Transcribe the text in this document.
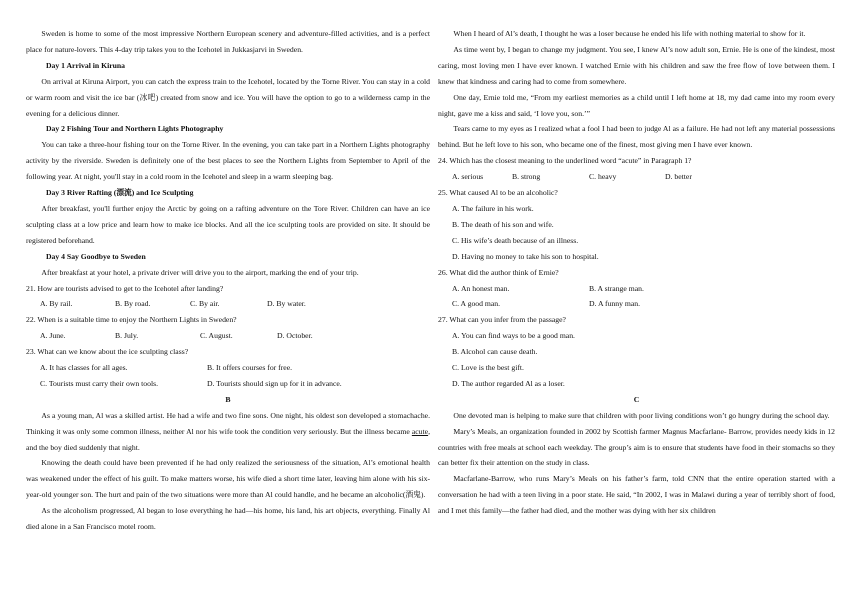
Sweden is home to some of the most impressive Northern European scenery and adventure-filled activities, and is a perfect place for nature-lovers. This 4-day trip takes you to the Icehotel in Jukkasjarvi in Sweden.

Day 1 Arrival in Kiruna

On arrival at Kiruna Airport, you can catch the express train to the Icehotel, located by the Torne River. You can stay in a cold or warm room and visit the ice bar (冰吧) created from snow and ice. You will have the option to go to a wilderness camp in the evening for a delicious dinner.

Day 2 Fishing Tour and Northern Lights Photography

You can take a three-hour fishing tour on the Torne River. In the evening, you can take part in a Northern Lights photography activity by the riverside. Sweden is definitely one of the best places to see the Northern Lights from September to April of the following year. At night, you'll stay in a cold room in the Icehotel and sleep in a warm sleeping bag.

Day 3 River Rafting (漂流) and Ice Sculpting

After breakfast, you'll further enjoy the Arctic by going on a rafting adventure on the Tore River. Children can have an ice sculpting class at a low price and learn how to make ice blocks. And all the ice sculpting tools are provided on site. It should be registered beforehand.

Day 4 Say Goodbye to Sweden

After breakfast at your hotel, a private driver will drive you to the airport, marking the end of your trip.

21. How are tourists advised to get to the Icehotel after landing?

A. By rail.	B. By road.	C. By air.	D. By water.

22. When is a suitable time to enjoy the Northern Lights in Sweden?

A. June.	B. July.	C. August.	D. October.

23. What can we know about the ice sculpting class?

A. It has classes for all ages.	B. It offers courses for free.
C. Tourists must carry their own tools.	D. Tourists should sign up for it in advance.

B

As a young man, Al was a skilled artist. He had a wife and two fine sons. One night, his oldest son developed a stomachache. Thinking it was only some common illness, neither Al nor his wife took the condition very seriously. But the illness became acute, and the boy died suddenly that night.

Knowing the death could have been prevented if he had only realized the seriousness of the situation, Al’s emotional health was weakened under the effect of his guilt. To make matters worse, his wife died a short time later, leaving him alone with his six-year-old younger son. The hurt and pain of the two situations were more than Al could handle, and he became an alcoholic(酒鬼).

As the alcoholism progressed, Al began to lose everything he had—his home, his land, his art objects, everything. Finally Al died alone in a San Francisco motel room.

When I heard of Al’s death, I thought he was a loser because he ended his life with nothing material to show for it.

As time went by, I began to change my judgment. You see, I knew Al’s now adult son, Ernie. He is one of the kindest, most caring, most loving men I have ever known. I watched Ernie with his children and saw the free flow of love between them. I knew that kindness and caring had to come from somewhere.

One day, Ernie told me, “From my earliest memories as a child until I left home at 18, my dad came into my room every night, gave me a kiss and said, ‘I love you, son.’”

Tears came to my eyes as I realized what a fool I had been to judge Al as a failure. He had not left any material possessions behind. But he left love to his son, who became one of the finest, most giving men I have ever known.

24. Which has the closest meaning to the underlined word “acute” in Paragraph 1?

A. serious	B. strong	C. heavy	D. better

25. What caused Al to be an alcoholic?

A. The failure in his work.

B. The death of his son and wife.

C. His wife’s death because of an illness.

D. Having no money to take his son to hospital.

26. What did the author think of Ernie?

A. An honest man.	B. A strange man.
C. A good man.	D. A funny man.

27. What can you infer from the passage?

A. You can find ways to be a good man.

B. Alcohol can cause death.

C. Love is the best gift.

D. The author regarded Al as a loser.

C

One devoted man is helping to make sure that children with poor living conditions won’t go hungry during the school day.

Mary’s Meals, an organization founded in 2002 by Scottish farmer Magnus Macfarlane- Barrow, provides needy kids in 12 countries with free meals at school each weekday. The group’s aim is to ensure that students have food in their stomachs so they can better fix their attention on the study in class.

Macfarlane-Barrow, who runs Mary’s Meals on his father’s farm, told CNN that the entire operation started with a conversation he had with a teen living in a poor state. He said, “In 2002, I was in Malawi during a year of terribly short of food, and I met this family—the father had died, and the mother was dying with her six children
